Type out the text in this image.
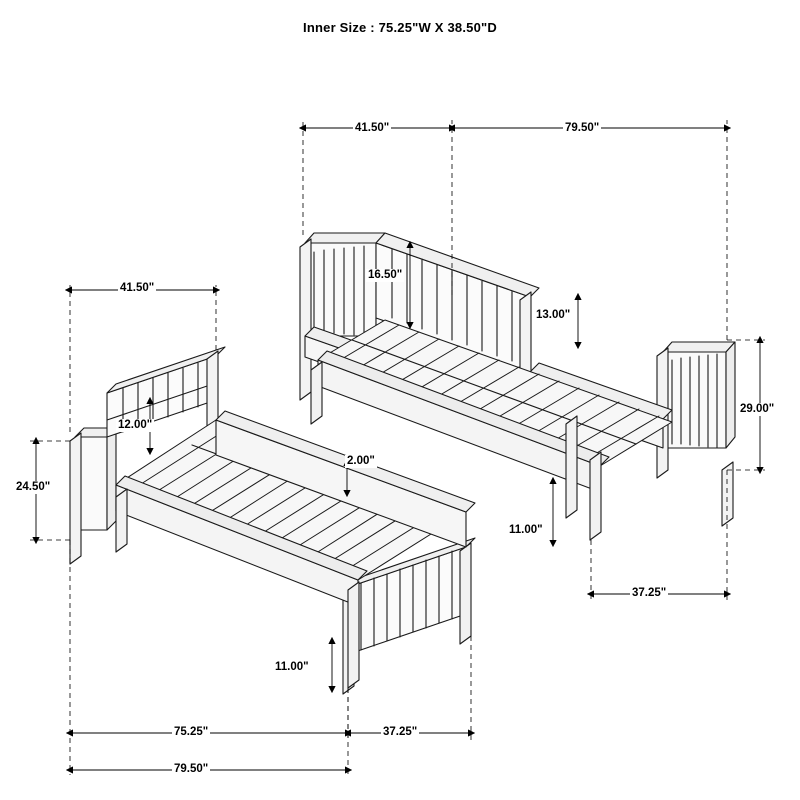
Inner Size : 75.25"W X 38.50"D
41.50"	79.50"
16.50"
13.00"
29.00"
11.00"
37.25"
41.50"
12.00"
24.50"
2.00"
11.00"
75.25"	37.25"
79.50"
